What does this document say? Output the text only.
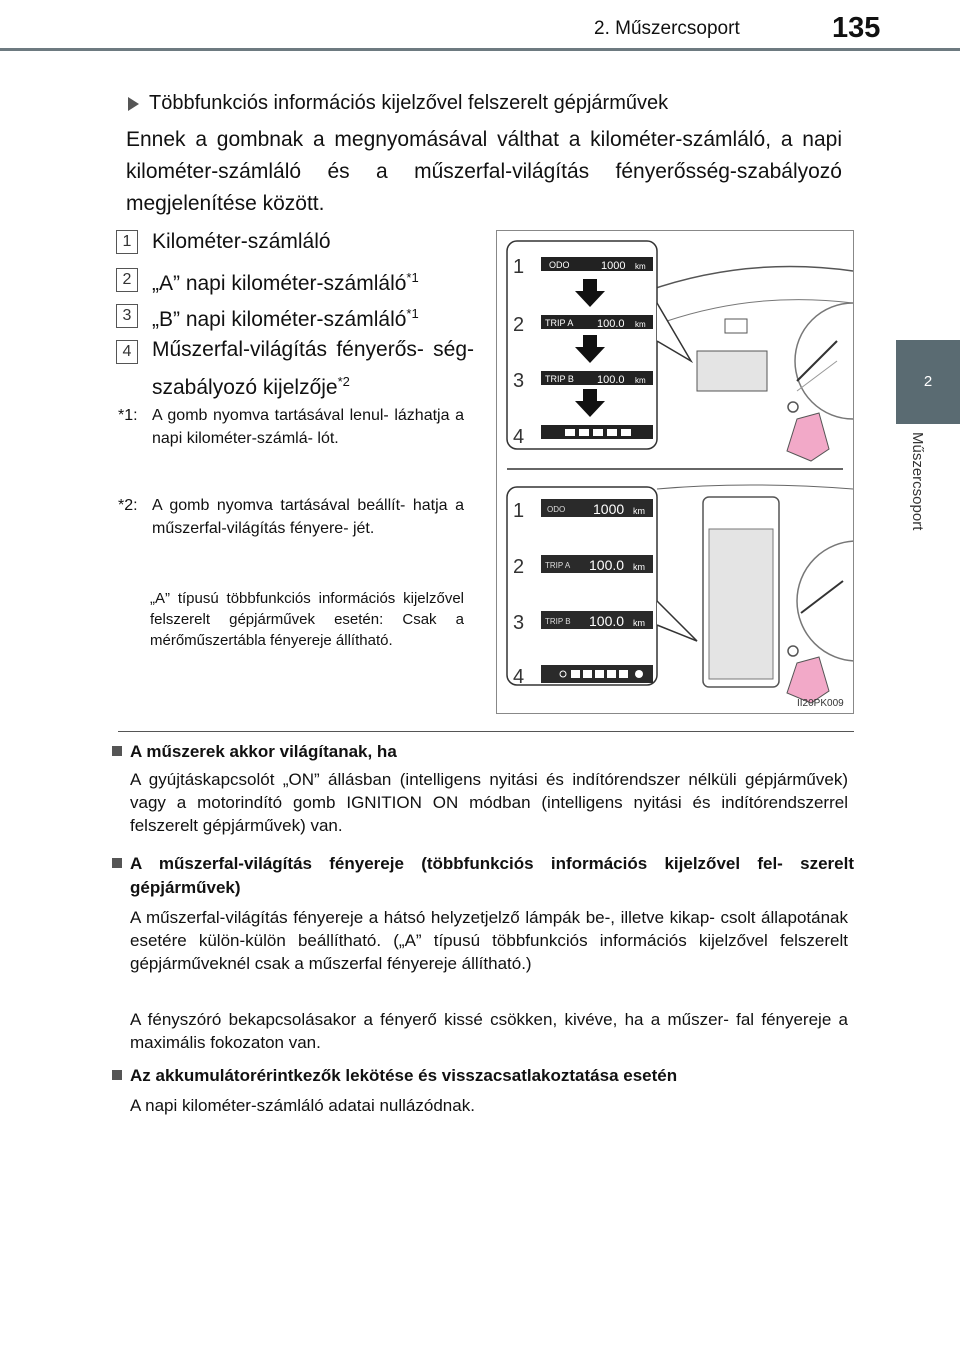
2. Műszercsoport	135
2
Műszercsoport
Többfunkciós információs kijelzővel felszerelt gépjárművek
Ennek a gombnak a megnyomásával válthat a kilométer-számláló, a napi kilométer-számláló és a műszerfal-világítás fényerősség-szabályozó megjelenítése között.
1 Kilométer-számláló
2 „A” napi kilométer-számláló$^{*1}$
3 „B” napi kilométer-számláló$^{*1}$
4 Műszerfal-világítás fényerős- ség-szabályozó kijelzője$^{*2}$
*1: A gomb nyomva tartásával lenul- lázhatja a napi kilométer-számlá- lót.
*2: A gomb nyomva tartásával beállít- hatja a műszerfal-világítás fényere- jét.
„A” típusú többfunkciós információs kijelzővel felszerelt gépjárművek esetén: Csak a mérőműszertábla fényereje állítható.
ODO	1000 km
TRIP A 100.0 km
TRIP B 100.0 km
1
2
3
4
ODO 1000 km
TRIP A 100.0 km
TRIP B 100.0 km
1
2
3
4
II20PK009
A műszerek akkor világítanak, ha
A gyújtáskapcsolót „ON” állásban (intelligens nyitási és indítórendszer nélküli gépjárművek) vagy a motorindító gomb IGNITION ON módban (intelligens nyitási és indítórendszerrel felszerelt gépjárművek) van.
A műszerfal-világítás fényereje (többfunkciós információs kijelzővel fel- szerelt gépjárművek)
A műszerfal-világítás fényereje a hátsó helyzetjelző lámpák be-, illetve kikap- csolt állapotának esetére külön-külön beállítható. („A” típusú többfunkciós információs kijelzővel felszerelt gépjárműveknél csak a műszerfal fényereje állítható.)
A fényszóró bekapcsolásakor a fényerő kissé csökken, kivéve, ha a műszer- fal fényereje a maximális fokozaton van.
Az akkumulátorérintkezők lekötése és visszacsatlakoztatása esetén
A napi kilométer-számláló adatai nullázódnak.
